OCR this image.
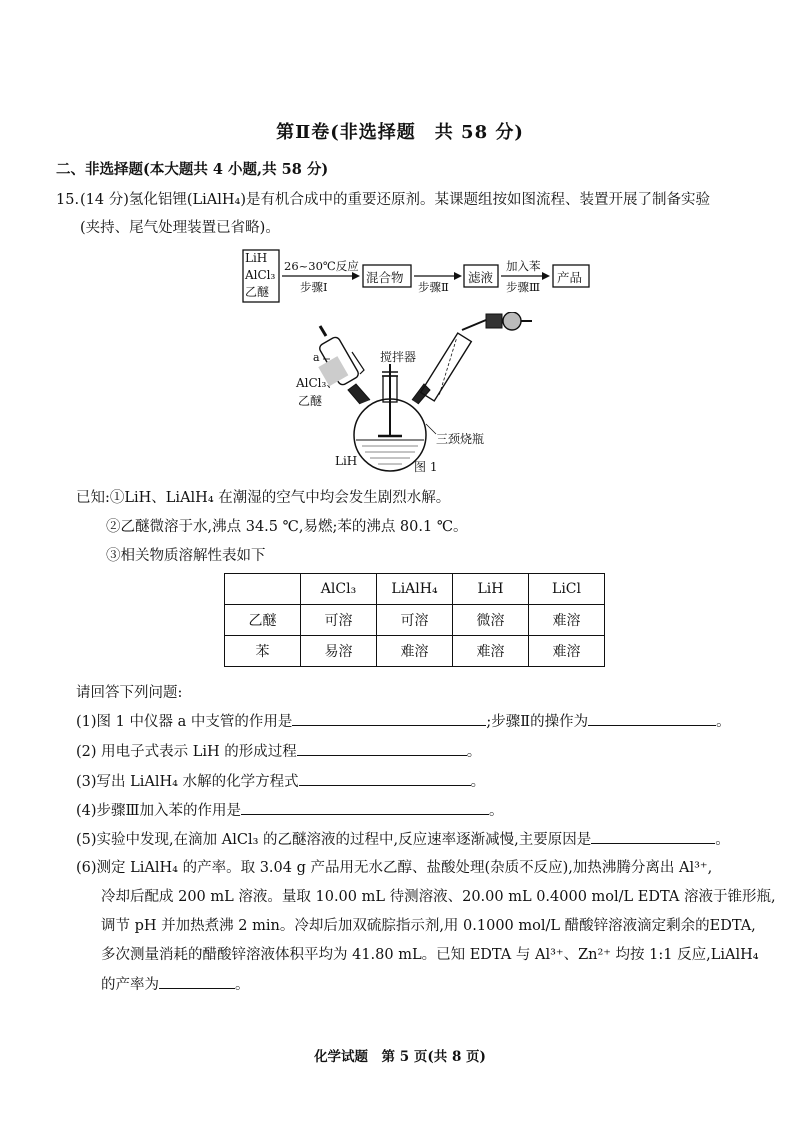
第Ⅱ卷(非选择题　共 58 分)
二、非选择题(本大题共 4 小题,共 58 分)
15. (14 分)氢化铝锂(LiAlH₄)是有机合成中的重要还原剂。某课题组按如图流程、装置开展了制备实验
(夹持、尾气处理装置已省略)。
LiH
AlCl₃
乙醚
26~30℃反应
步骤Ⅰ
混合物
步骤Ⅱ
滤液
加入苯
步骤Ⅲ
产品
a
AlCl₃、
乙醚
搅拌器
三颈烧瓶
LiH	图 1
已知:①LiH、LiAlH₄ 在潮湿的空气中均会发生剧烈水解。
②乙醚微溶于水,沸点 34.5 ℃,易燃;苯的沸点 80.1 ℃。
③相关物质溶解性表如下
	AlCl₃	LiAlH₄	LiH	LiCl
乙醚	可溶	可溶	微溶	难溶
苯	易溶	难溶	难溶	难溶
请回答下列问题:
(1)图 1 中仪器 a 中支管的作用是	;步骤Ⅱ的操作为	。
(2) 用电子式表示 LiH 的形成过程	。
(3)写出 LiAlH₄ 水解的化学方程式	。
(4)步骤Ⅲ加入苯的作用是	。
(5)实验中发现,在滴加 AlCl₃ 的乙醚溶液的过程中,反应速率逐渐减慢,主要原因是	。
(6)测定 LiAlH₄ 的产率。取 3.04 g 产品用无水乙醇、盐酸处理(杂质不反应),加热沸腾分离出 Al³⁺,
冷却后配成 200 mL 溶液。量取 10.00 mL 待测溶液、20.00 mL 0.4000 mol/L EDTA 溶液于锥形瓶,
调节 pH 并加热煮沸 2 min。冷却后加双硫腙指示剂,用 0.1000 mol/L 醋酸锌溶液滴定剩余的EDTA,
多次测量消耗的醋酸锌溶液体积平均为 41.80 mL。已知 EDTA 与 Al³⁺、Zn²⁺ 均按 1:1 反应,LiAlH₄
的产率为	。
化学试题　第 5 页(共 8 页)
